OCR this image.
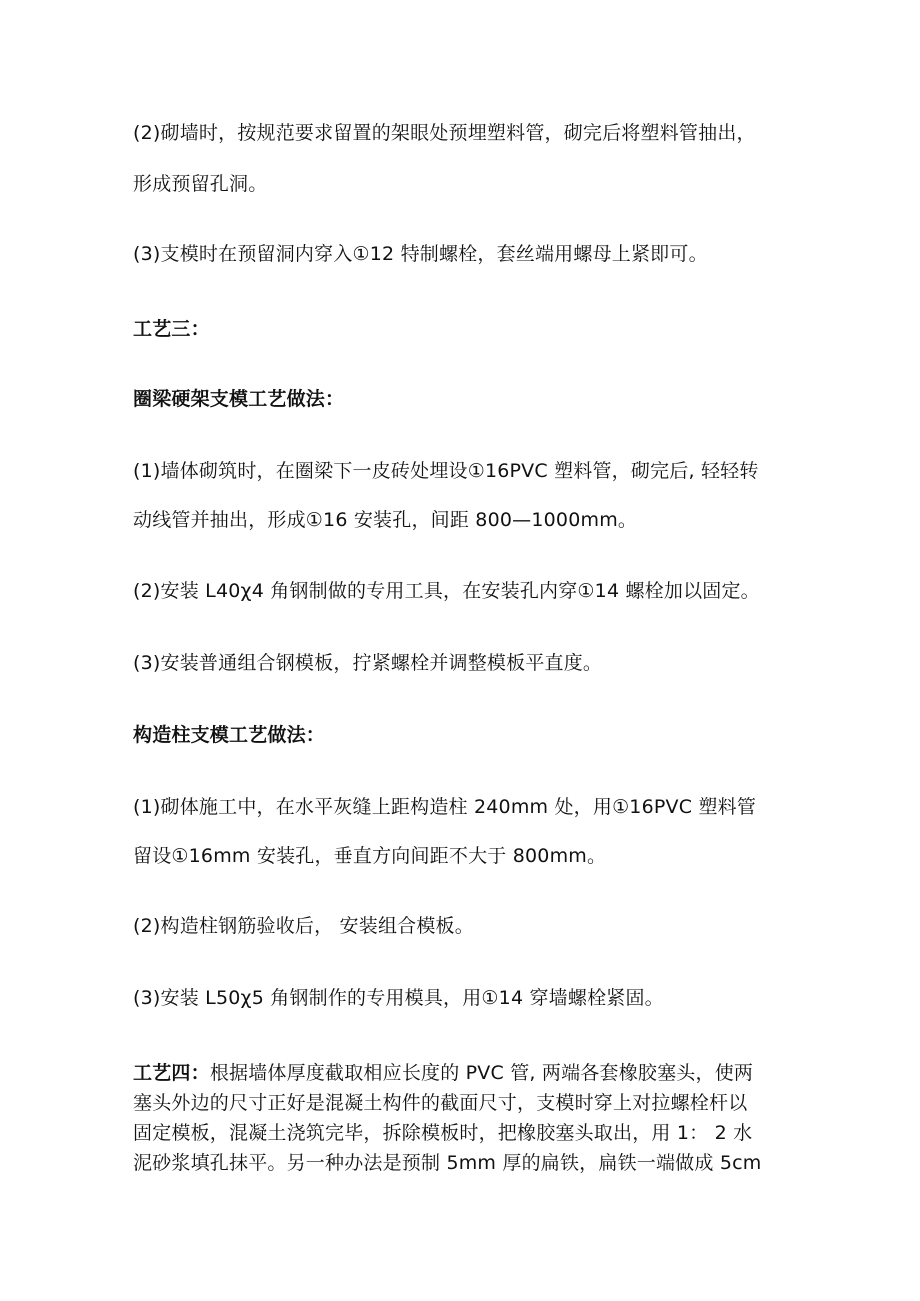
(2)砌墙时，按规范要求留置的架眼处预埋塑料管，砌完后将塑料管抽出，
形成预留孔洞。
(3)支模时在预留洞内穿入①12 特制螺栓，套丝端用螺母上紧即可。
工艺三：
圈梁硬架支模工艺做法：
(1)墙体砌筑时，在圈梁下一皮砖处埋设①16PVC 塑料管，砌完后, 轻轻转
动线管并抽出，形成①16 安装孔，间距 800—1000mm。
(2)安装 L40χ4 角钢制做的专用工具，在安装孔内穿①14 螺栓加以固定。
(3)安装普通组合钢模板，拧紧螺栓并调整模板平直度。
构造柱支模工艺做法：
(1)砌体施工中，在水平灰缝上距构造柱 240mm 处，用①16PVC 塑料管
留设①16mm 安装孔，垂直方向间距不大于 800mm。
(2)构造柱钢筋验收后， 安装组合模板。
(3)安装 L50χ5 角钢制作的专用模具，用①14 穿墙螺栓紧固。
工艺四：根据墙体厚度截取相应长度的 PVC 管, 两端各套橡胶塞头，使两
塞头外边的尺寸正好是混凝土构件的截面尺寸，支模时穿上对拉螺栓杆以
固定模板，混凝土浇筑完毕，拆除模板时，把橡胶塞头取出，用 1： 2 水
泥砂浆填孔抹平。另一种办法是预制 5mm 厚的扁铁，扁铁一端做成 5cm
